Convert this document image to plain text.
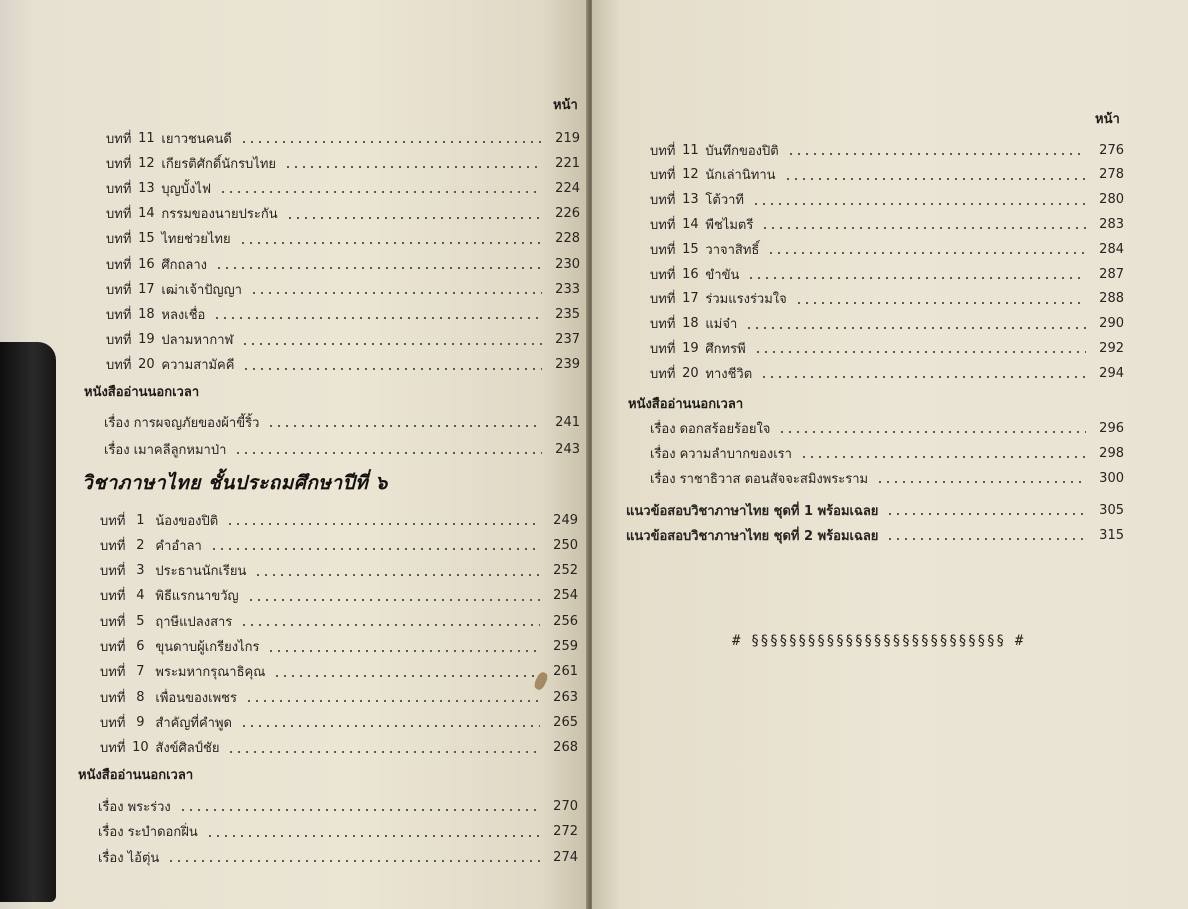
หน้า
บทที่ 11 เยาวชนคนดี	219
บทที่ 12 เกียรติศักดิ์นักรบไทย	221
บทที่ 13 บุญบั้งไฟ	224
บทที่ 14 กรรมของนายประกัน	226
บทที่ 15 ไทยช่วยไทย	228
บทที่ 16 ศึกถลาง	230
บทที่ 17 เฒ่าเจ้าปัญญา	233
บทที่ 18 หลงเชื่อ	235
บทที่ 19 ปลามหากาฬ	237
บทที่ 20 ความสามัคคี	239
หนังสืออ่านนอกเวลา
เรื่อง การผจญภัยของผ้าขี้ริ้ว	241
เรื่อง เมาคลีลูกหมาป่า	243
วิชาภาษาไทย ชั้นประถมศึกษาปีที่ ๖
บทที่ 1 น้องของปิติ	249
บทที่ 2 คำอำลา	250
บทที่ 3 ประธานนักเรียน	252
บทที่ 4 พิธีแรกนาขวัญ	254
บทที่ 5 ฤาษีแปลงสาร	256
บทที่ 6 ขุนดาบผู้เกรียงไกร	259
บทที่ 7 พระมหากรุณาธิคุณ	261
บทที่ 8 เพื่อนของเพชร	263
บทที่ 9 สำคัญที่คำพูด	265
บทที่ 10 สังข์ศิลป์ชัย	268
หนังสืออ่านนอกเวลา
เรื่อง พระร่วง	270
เรื่อง ระบำดอกฝิ่น	272
เรื่อง ไอ้ตุ่น	274
หน้า
บทที่ 11 บันทึกของปิติ	276
บทที่ 12 นักเล่านิทาน	278
บทที่ 13 โต้วาที	280
บทที่ 14 พืชไมตรี	283
บทที่ 15 วาจาสิทธิ์	284
บทที่ 16 ขำขัน	287
บทที่ 17 ร่วมแรงร่วมใจ	288
บทที่ 18 แม่จ๋า	290
บทที่ 19 ศึกทรพี	292
บทที่ 20 ทางชีวิต	294
หนังสืออ่านนอกเวลา
เรื่อง ดอกสร้อยร้อยใจ	296
เรื่อง ความลำบากของเรา	298
เรื่อง ราชาธิวาส ตอนสัจจะสมิงพระราม	300
แนวข้อสอบวิชาภาษาไทย ชุดที่ 1 พร้อมเฉลย	305
แนวข้อสอบวิชาภาษาไทย ชุดที่ 2 พร้อมเฉลย	315
# §§§§§§§§§§§§§§§§§§§§§§§§§§§ #
